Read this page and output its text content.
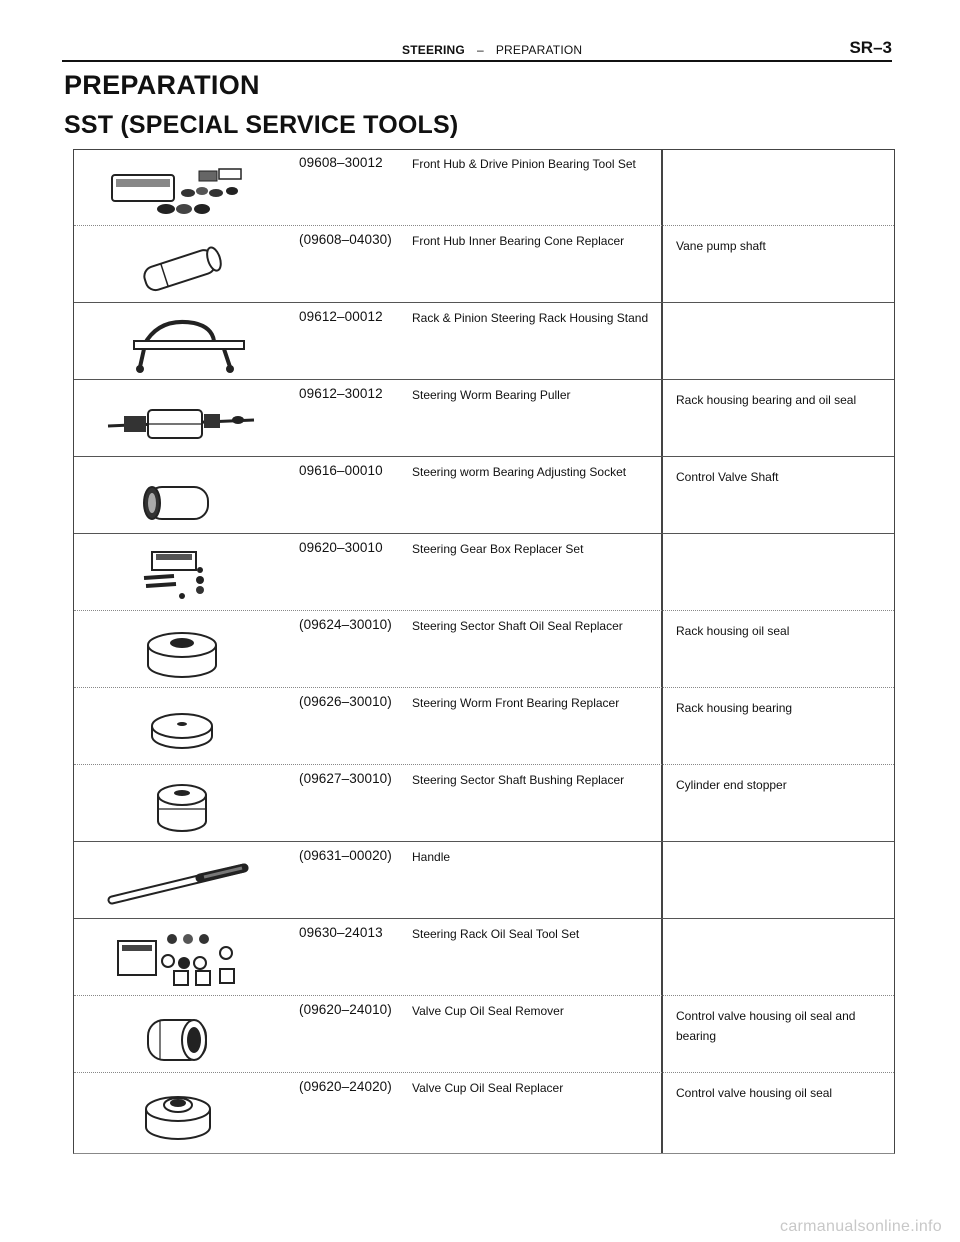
STEERING – PREPARATION	SR–3
PREPARATION
SST (SPECIAL SERVICE TOOLS)
09608–30012	Front Hub & Drive Pinion Bearing Tool Set
(09608–04030)	Front Hub Inner Bearing Cone Replacer	Vane pump shaft
09612–00012	Rack & Pinion Steering Rack Housing Stand
09612–30012	Steering Worm Bearing Puller	Rack housing bearing and oil seal
09616–00010	Steering worm Bearing Adjusting Socket	Control Valve Shaft
09620–30010	Steering Gear Box Replacer Set
(09624–30010)	Steering Sector Shaft Oil Seal Replacer	Rack housing oil seal
(09626–30010)	Steering Worm Front Bearing Replacer	Rack housing bearing
(09627–30010)	Steering Sector Shaft Bushing Replacer	Cylinder end stopper
(09631–00020)	Handle
09630–24013	Steering Rack Oil Seal Tool Set
(09620–24010)	Valve Cup Oil Seal Remover	Control valve housing oil seal and bearing
(09620–24020)	Valve Cup Oil Seal Replacer	Control valve housing oil seal
carmanualsonline.info
